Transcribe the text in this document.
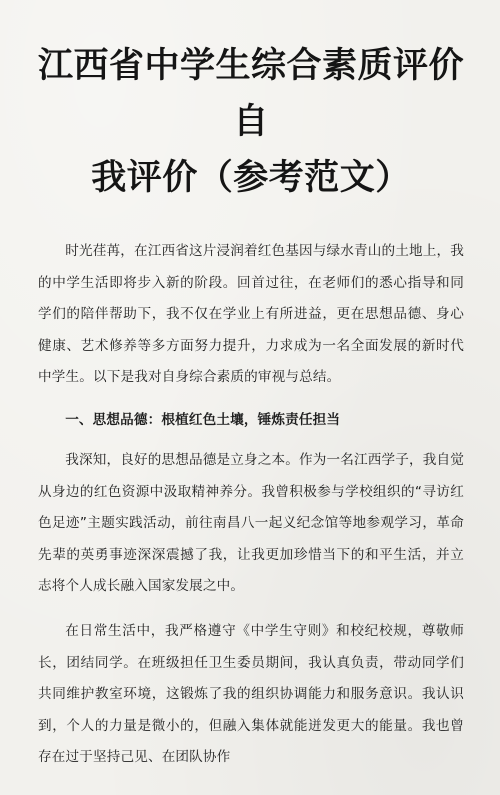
江西省中学生综合素质评价自
我评价（参考范文）

时光荏苒，在江西省这片浸润着红色基因与绿水青山的土地上，我的中学生活即将步入新的阶段。回首过往，在老师们的悉心指导和同学们的陪伴帮助下，我不仅在学业上有所进益，更在思想品德、身心健康、艺术修养等多方面努力提升，力求成为一名全面发展的新时代中学生。以下是我对自身综合素质的审视与总结。

一、思想品德：根植红色土壤，锤炼责任担当

我深知，良好的思想品德是立身之本。作为一名江西学子，我自觉从身边的红色资源中汲取精神养分。我曾积极参与学校组织的“寻访红色足迹”主题实践活动，前往南昌八一起义纪念馆等地参观学习，革命先辈的英勇事迹深深震撼了我，让我更加珍惜当下的和平生活，并立志将个人成长融入国家发展之中。

在日常生活中，我严格遵守《中学生守则》和校纪校规，尊敬师长，团结同学。在班级担任卫生委员期间，我认真负责，带动同学们共同维护教室环境，这锻炼了我的组织协调能力和服务意识。我认识到，个人的力量是微小的，但融入集体就能迸发更大的能量。我也曾存在过于坚持己见、在团队协作
